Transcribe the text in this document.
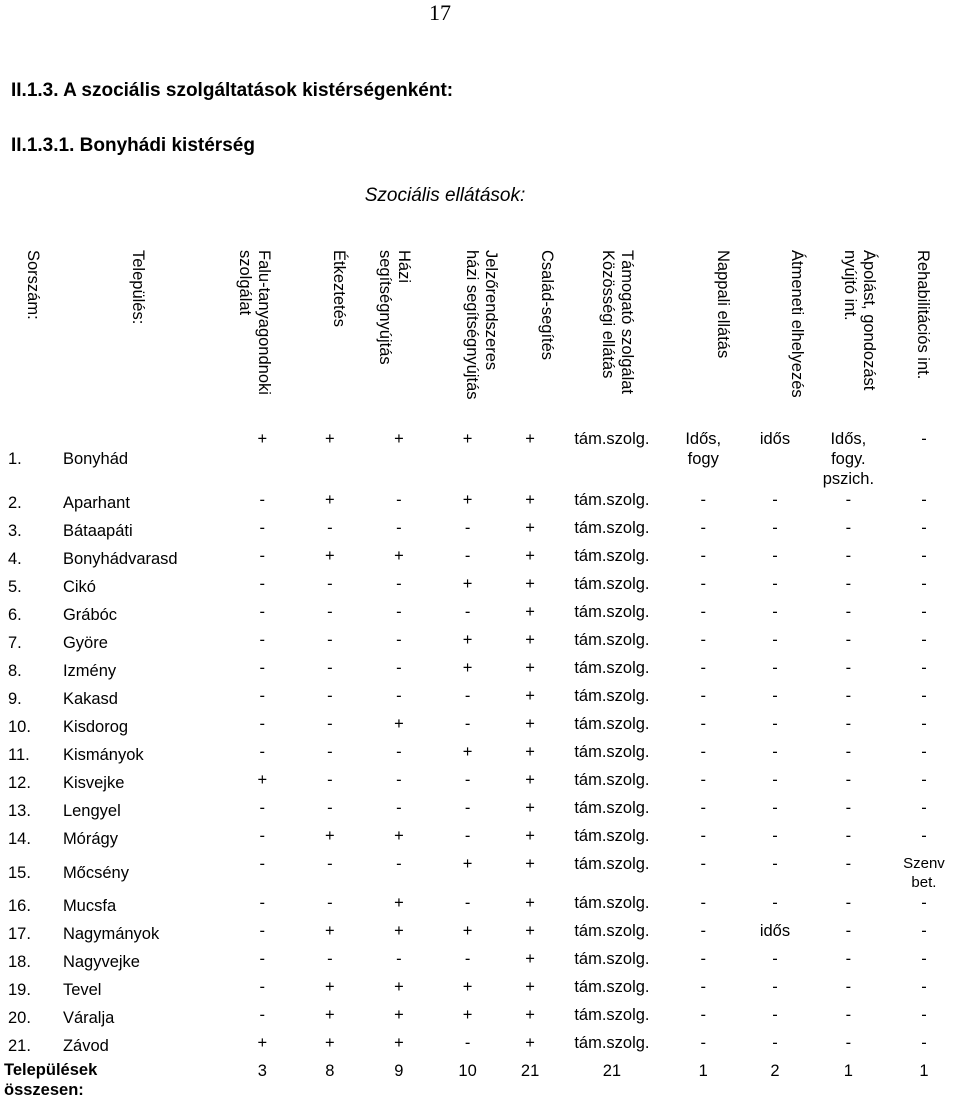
17
II.1.3. A szociális szolgáltatások kistérségenként:
II.1.3.1. Bonyhádi kistérség
Szociális ellátások:
Sorszám:	Település:	Falu-tanyagondnoki
szolgálat	Étkeztetés	Házi
segítségnyújtás	Jelzőrendszeres
házi segítségnyújtás	Család-segítés	Támogató szolgálat
Közösségi ellátás	Nappali ellátás	Átmeneti elhelyezés	Ápolást, gondozást
nyújtó int.	Rehabilitációs int.
1.	Bonyhád	+	+	+	+	+	tám.szolg.	Idős,
fogy	idős	Idős,
fogy.
pszich.	-
2.	Aparhant	-	+	-	+	+	tám.szolg.	-	-	-	-
3.	Bátaapáti	-	-	-	-	+	tám.szolg.	-	-	-	-
4.	Bonyhádvarasd	-	+	+	-	+	tám.szolg.	-	-	-	-
5.	Cikó	-	-	-	+	+	tám.szolg.	-	-	-	-
6.	Grábóc	-	-	-	-	+	tám.szolg.	-	-	-	-
7.	Györe	-	-	-	+	+	tám.szolg.	-	-	-	-
8.	Izmény	-	-	-	+	+	tám.szolg.	-	-	-	-
9.	Kakasd	-	-	-	-	+	tám.szolg.	-	-	-	-
10.	Kisdorog	-	-	+	-	+	tám.szolg.	-	-	-	-
11.	Kismányok	-	-	-	+	+	tám.szolg.	-	-	-	-
12.	Kisvejke	+	-	-	-	+	tám.szolg.	-	-	-	-
13.	Lengyel	-	-	-	-	+	tám.szolg.	-	-	-	-
14.	Mórágy	-	+	+	-	+	tám.szolg.	-	-	-	-
15.	Mőcsény	-	-	-	+	+	tám.szolg.	-	-	-	Szenv
bet.
16.	Mucsfa	-	-	+	-	+	tám.szolg.	-	-	-	-
17.	Nagymányok	-	+	+	+	+	tám.szolg.	-	idős	-	-
18.	Nagyvejke	-	-	-	-	+	tám.szolg.	-	-	-	-
19.	Tevel	-	+	+	+	+	tám.szolg.	-	-	-	-
20.	Váralja	-	+	+	+	+	tám.szolg.	-	-	-	-
21.	Závod	+	+	+	-	+	tám.szolg.	-	-	-	-
Települések
összesen:		3	8	9	10	21	21	1	2	1	1
